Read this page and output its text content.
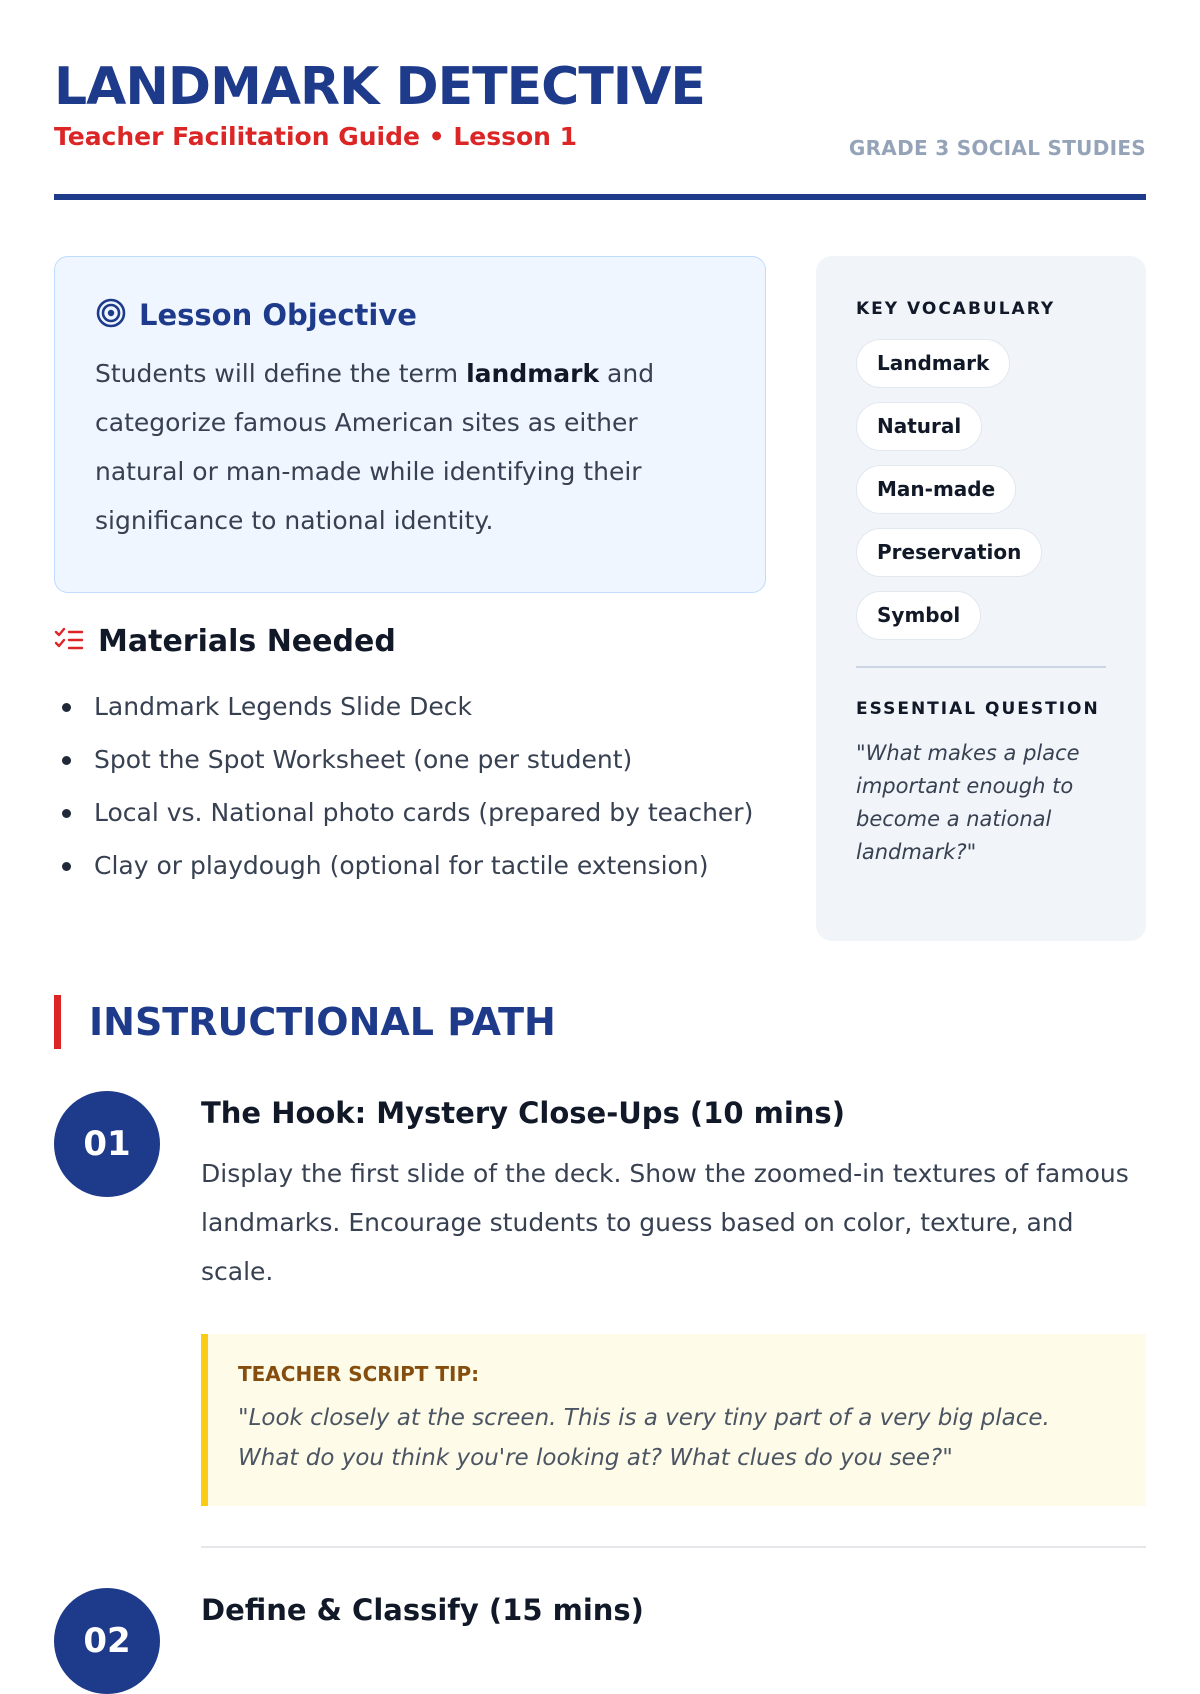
LANDMARK DETECTIVE
Teacher Facilitation Guide • Lesson 1	GRADE 3 SOCIAL STUDIES
Lesson Objective

Students will define the term landmark and categorize famous American sites as either natural or man-made while identifying their significance to national identity.

Materials Needed
Landmark Legends Slide Deck
Spot the Spot Worksheet (one per student)
Local vs. National photo cards (prepared by teacher)
Clay or playdough (optional for tactile extension)
KEY VOCABULARY
Landmark
Natural
Man-made
Preservation
Symbol
ESSENTIAL QUESTION
"What makes a place important enough to become a national landmark?"
INSTRUCTIONAL PATH
01
The Hook: Mystery Close-Ups (10 mins)
Display the first slide of the deck. Show the zoomed-in textures of famous landmarks. Encourage students to guess based on color, texture, and scale.
TEACHER SCRIPT TIP:
"Look closely at the screen. This is a very tiny part of a very big place. What do you think you're looking at? What clues do you see?"
02
Define & Classify (15 mins)
